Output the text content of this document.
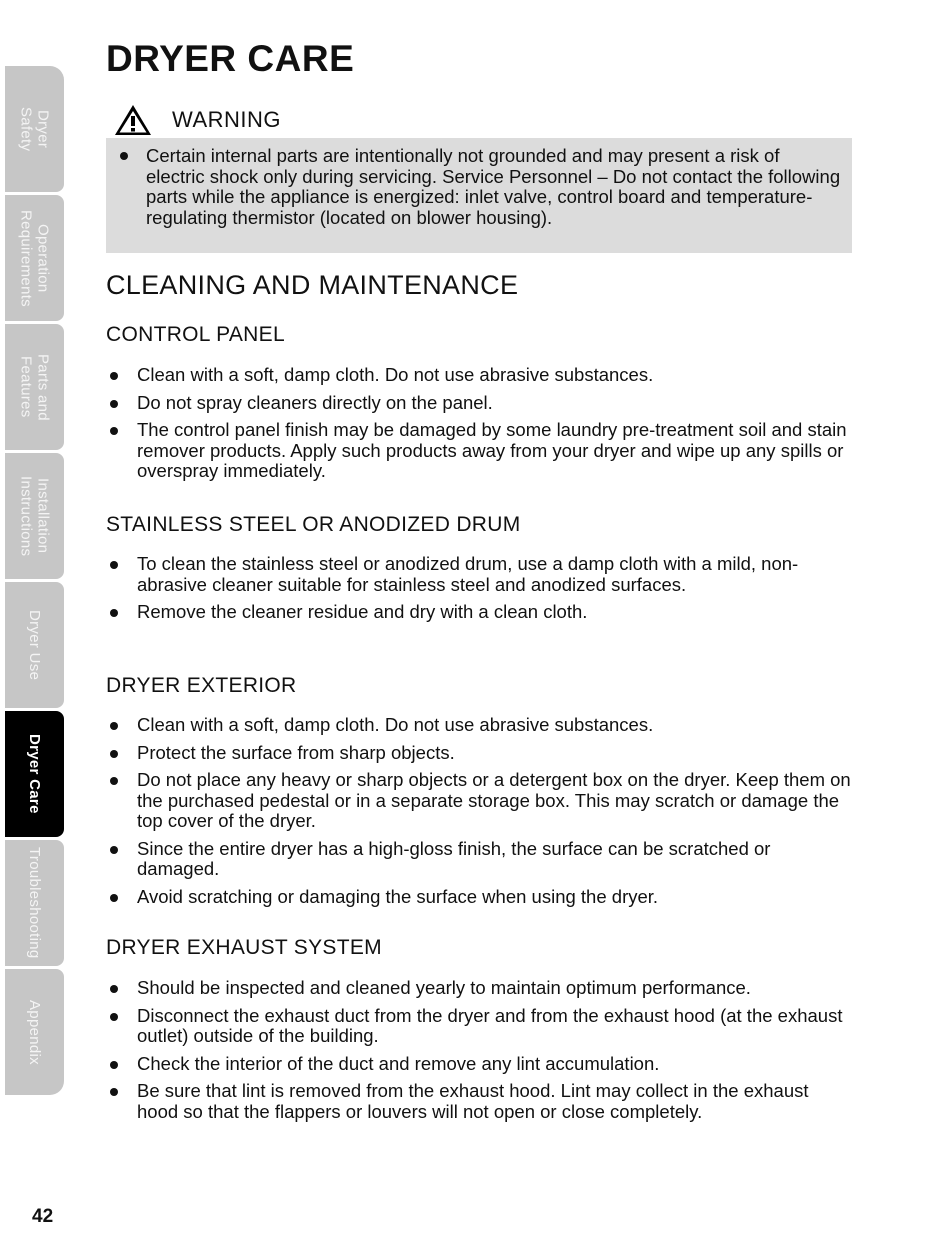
Dryer
Safety
Operation
Requirements
Parts and
Features
Installation
Instructions
Dryer Use
Dryer Care
Troubleshooting
Appendix
DRYER CARE
WARNING
Certain internal parts are intentionally not grounded and may present a risk of electric shock only during servicing. Service Personnel – Do not contact the following parts while the appliance is energized: inlet valve, control board and temperature-regulating thermistor (located on blower housing).
CLEANING AND MAINTENANCE
CONTROL PANEL
Clean with a soft, damp cloth. Do not use abrasive substances.
Do not spray cleaners directly on the panel.
The control panel finish may be damaged by some laundry pre-treatment soil and stain remover products. Apply such products away from your dryer and wipe up any spills or overspray immediately.
STAINLESS STEEL OR ANODIZED DRUM
To clean the stainless steel or anodized drum, use a damp cloth with a mild, non-abrasive cleaner suitable for stainless steel and anodized surfaces.
Remove the cleaner residue and dry with a clean cloth.
DRYER EXTERIOR
Clean with a soft, damp cloth. Do not use abrasive substances.
Protect the surface from sharp objects.
Do not place any heavy or sharp objects or a detergent box on the dryer. Keep them on the purchased pedestal or in a separate storage box. This may scratch or damage the top cover of the dryer.
Since the entire dryer has a high-gloss finish, the surface can be scratched or damaged.
Avoid scratching or damaging the surface when using the dryer.
DRYER EXHAUST SYSTEM
Should be inspected and cleaned yearly to maintain optimum performance.
Disconnect the exhaust duct from the dryer and from the exhaust hood (at the exhaust outlet) outside of the building.
Check the interior of the duct and remove any lint accumulation.
Be sure that lint is removed from the exhaust hood. Lint may collect in the exhaust hood so that the flappers or louvers will not open or close completely.
42
